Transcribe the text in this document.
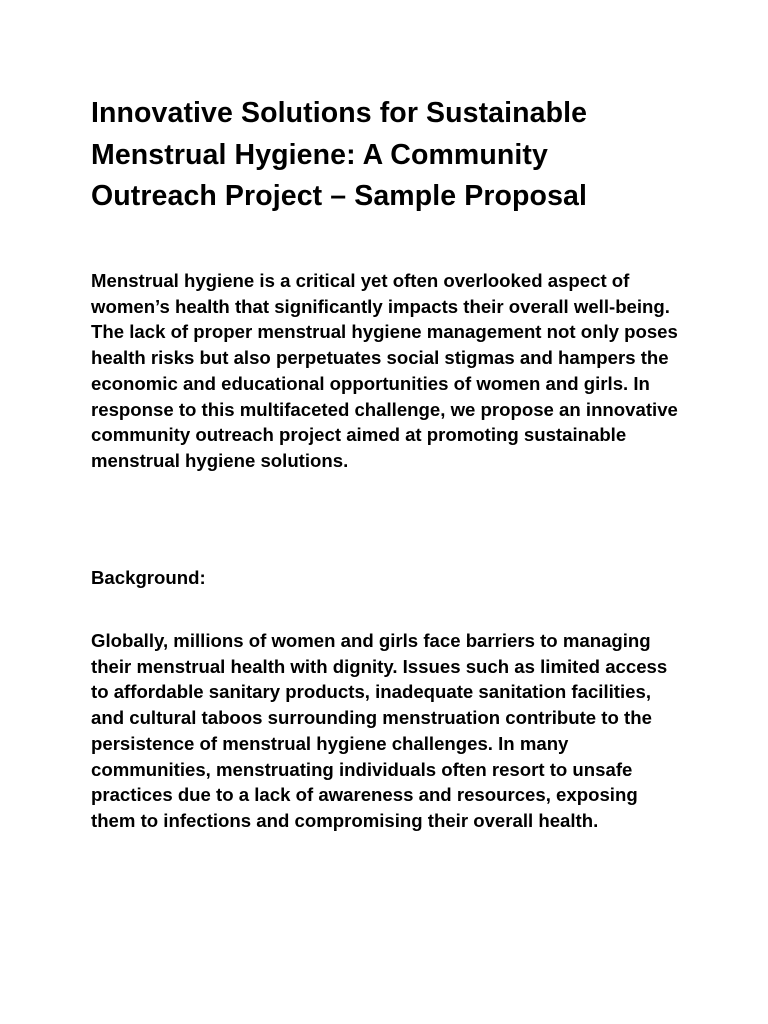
Innovative Solutions for Sustainable Menstrual Hygiene: A Community Outreach Project – Sample Proposal

Menstrual hygiene is a critical yet often overlooked aspect of women’s health that significantly impacts their overall well-being. The lack of proper menstrual hygiene management not only poses health risks but also perpetuates social stigmas and hampers the economic and educational opportunities of women and girls. In response to this multifaceted challenge, we propose an innovative community outreach project aimed at promoting sustainable menstrual hygiene solutions.

Background:

Globally, millions of women and girls face barriers to managing their menstrual health with dignity. Issues such as limited access to affordable sanitary products, inadequate sanitation facilities, and cultural taboos surrounding menstruation contribute to the persistence of menstrual hygiene challenges. In many communities, menstruating individuals often resort to unsafe practices due to a lack of awareness and resources, exposing them to infections and compromising their overall health.
